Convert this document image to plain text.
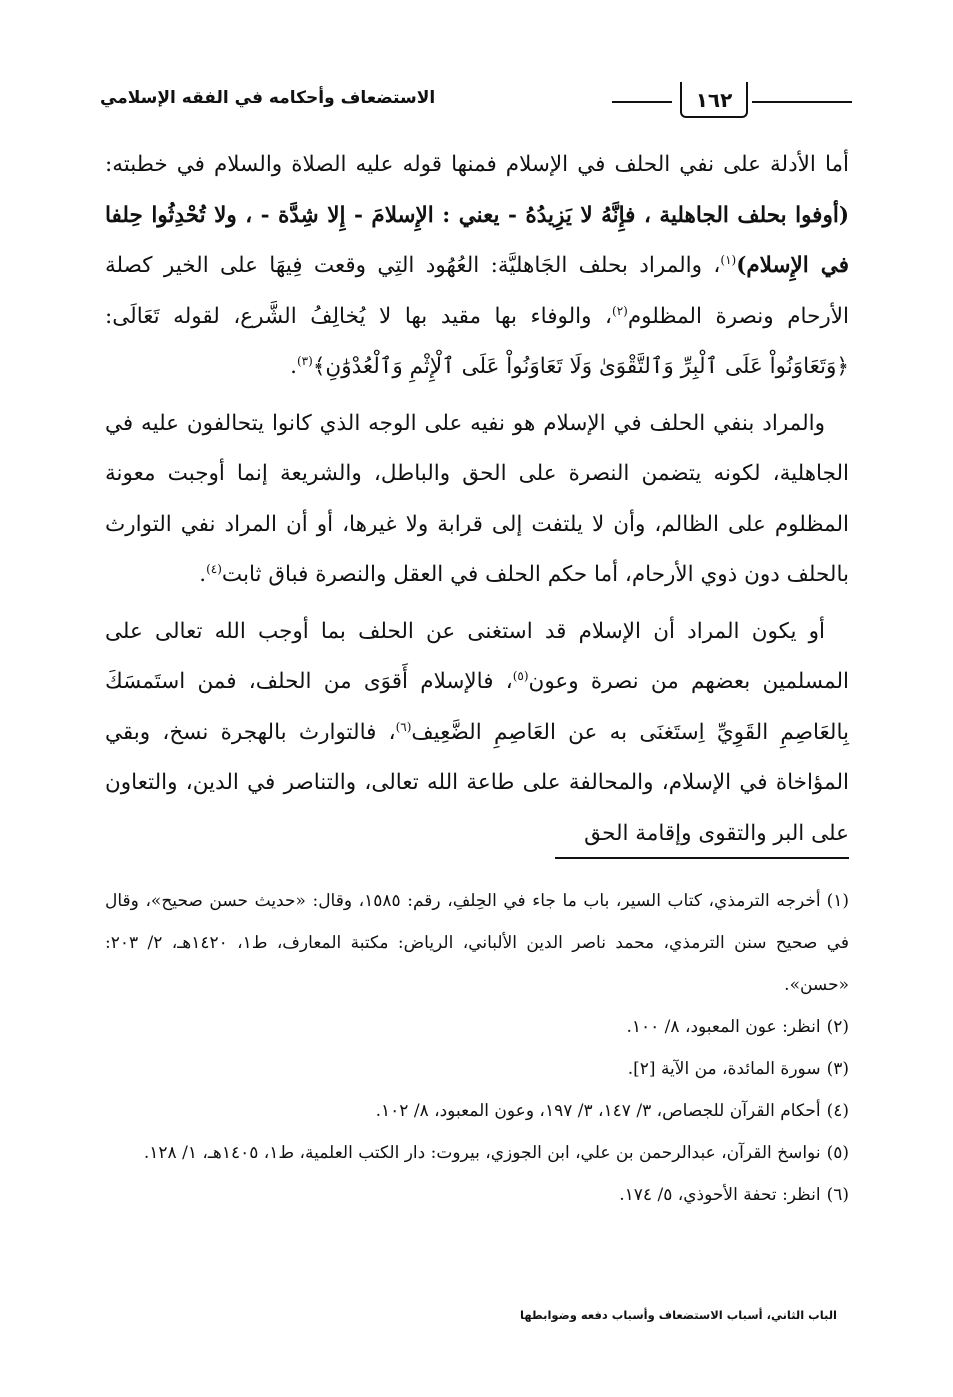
١٦٢
الاستضعاف وأحكامه في الفقه الإسلامي

أما الأدلة على نفي الحلف في الإسلام فمنها قوله عليه الصلاة والسلام في خطبته: (أوفوا بحلف الجاهلية ، فإِنَّهُ لا يَزِيدُهُ - يعني : الإِسلامَ - إِلا شِدَّة - ، ولا تُحْدِثُوا حِلفا في الإِسلام)$^{(١)}$، والمراد بحلف الجَاهليَّة: العُهُود التِي وقعت فِيهَا على الخير كصلة الأرحام ونصرة المظلوم$^{(٢)}$، والوفاء بها مقيد بها لا يُخالِفُ الشَّرع، لقوله تَعَالَى: ﴿وَتَعَاوَنُواْ عَلَى ٱلْبِرِّ وَٱلتَّقْوَىٰ وَلَا تَعَاوَنُواْ عَلَى ٱلْإِثْمِ وَٱلْعُدْوَٰنِ﴾$^{(٣)}$.

والمراد بنفي الحلف في الإسلام هو نفيه على الوجه الذي كانوا يتحالفون عليه في الجاهلية، لكونه يتضمن النصرة على الحق والباطل، والشريعة إنما أوجبت معونة المظلوم على الظالم، وأن لا يلتفت إلى قرابة ولا غيرها، أو أن المراد نفي التوارث بالحلف دون ذوي الأرحام، أما حكم الحلف في العقل والنصرة فباق ثابت$^{(٤)}$.

أو يكون المراد أن الإسلام قد استغنى عن الحلف بما أوجب الله تعالى على المسلمين بعضهم من نصرة وعون$^{(٥)}$، فالإسلام أَقوَى من الحلف، فمن استَمسَكَ بِالعَاصِمِ القَوِيِّ اِستَغنَى به عن العَاصِمِ الضَّعِيف$^{(٦)}$، فالتوارث بالهجرة نسخ، وبقي المؤاخاة في الإسلام، والمحالفة على طاعة الله تعالى، والتناصر في الدين، والتعاون على البر والتقوى وإقامة الحق

(١)أخرجه الترمذي، كتاب السير، باب ما جاء في الحِلفِ، رقم: ١٥٨٥، وقال: «حديث حسن صحيح»، وقال في صحيح سنن الترمذي، محمد ناصر الدين الألباني، الرياض: مكتبة المعارف، ط١، ١٤٢٠هـ، ٢/ ٢٠٣: «حسن».

(٢)انظر: عون المعبود، ٨/ ١٠٠.

(٣)سورة المائدة، من الآية [٢].

(٤)أحكام القرآن للجصاص، ٣/ ١٤٧، ٣/ ١٩٧، وعون المعبود، ٨/ ١٠٢.

(٥)نواسخ القرآن، عبدالرحمن بن علي، ابن الجوزي، بيروت: دار الكتب العلمية، ط١، ١٤٠٥هـ، ١/ ١٢٨.

(٦)انظر: تحفة الأحوذي، ٥/ ١٧٤.

الباب الثاني، أسباب الاستضعاف وأسباب دفعه وضوابطها
